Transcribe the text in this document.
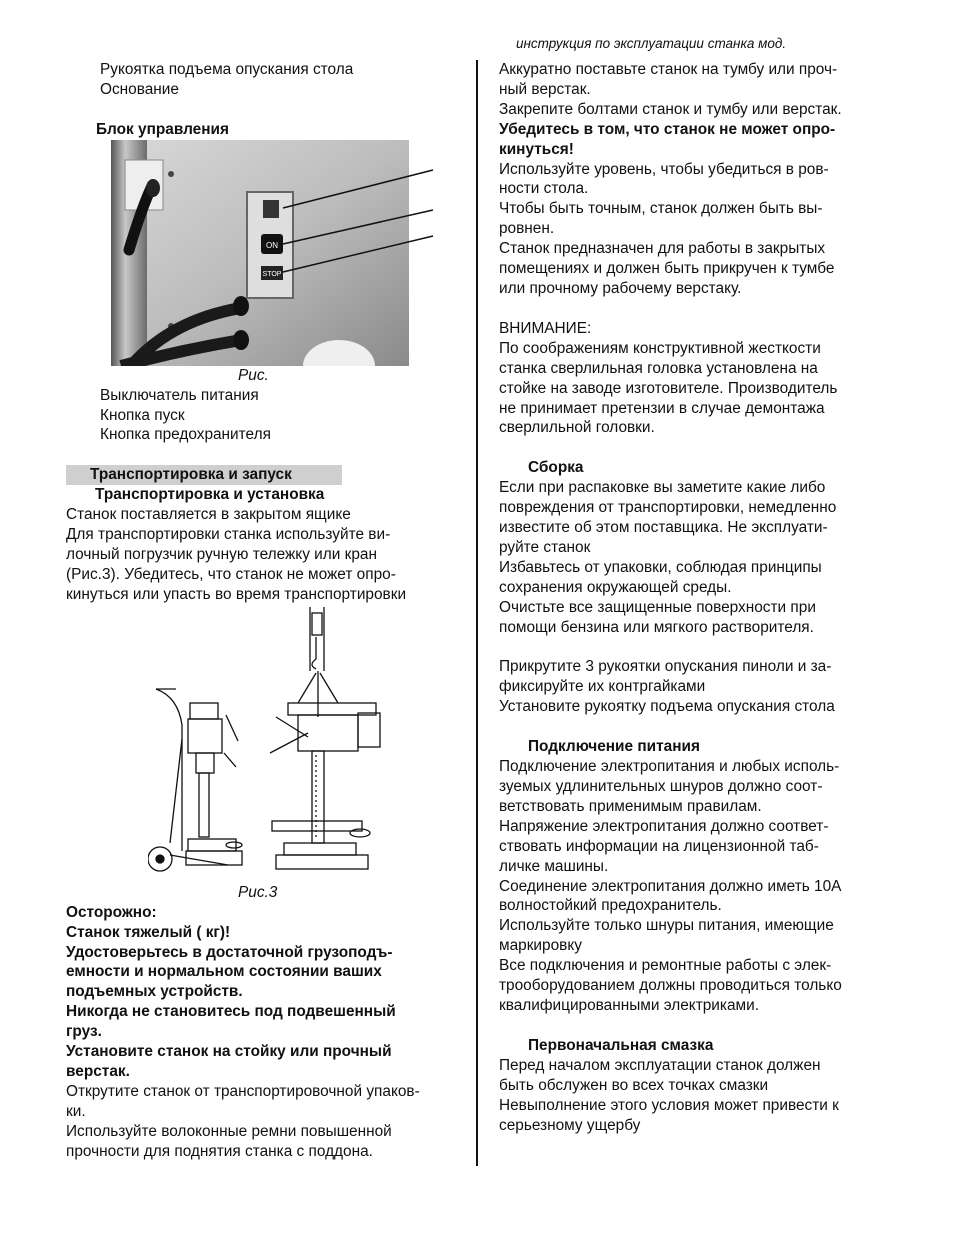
инструкция по эксплуатации станка мод.
Рукоятка подъема опускания стола
Основание
Блок управления
ON
STOP
Рис.
Выключатель питания
Кнопка пуск
Кнопка предохранителя
Транспортировка и запуск
Транспортировка и установка
Станок поставляется в закрытом ящике
Для транспортировки станка используйте ви-
лочный погрузчик ручную тележку или кран
(Рис.3). Убедитесь, что станок не может опро-
кинуться или упасть во время транспортировки
Рис.3
Осторожно:
Станок тяжелый ( кг)!
Удостоверьтесь в достаточной грузоподъ-
емности и нормальном состоянии ваших
подъемных устройств.
Никогда не становитесь под подвешенный
груз.
Установите станок на стойку или прочный
верстак.
Открутите станок от транспортировочной упаков-
ки.
Используйте волоконные ремни повышенной
прочности для поднятия станка с поддона.
Аккуратно поставьте станок на тумбу или проч-
ный верстак.
Закрепите болтами станок и тумбу или верстак.
Убедитесь в том, что станок не может опро-
кинуться!
Используйте уровень, чтобы убедиться в ров-
ности стола.
Чтобы быть точным, станок должен быть вы-
ровнен.
Станок предназначен для работы в закрытых
помещениях и должен быть прикручен к тумбе
или прочному рабочему верстаку.
ВНИМАНИЕ:
По соображениям конструктивной жесткости
станка сверлильная головка установлена на
стойке на заводе изготовителе. Производитель
не принимает претензии в случае демонтажа
сверлильной головки.
Сборка
Если при распаковке вы заметите какие либо
повреждения от транспортировки, немедленно
известите об этом поставщика. Не эксплуати-
руйте станок
Избавьтесь от упаковки, соблюдая принципы
сохранения окружающей среды.
Очистьте все защищенные поверхности при
помощи бензина или мягкого растворителя.
Прикрутите 3 рукоятки опускания пиноли и за-
фиксируйте их контргайками
Установите рукоятку подъема опускания стола
Подключение питания
Подключение электропитания и любых исполь-
зуемых удлинительных шнуров должно соот-
ветствовать применимым правилам.
Напряжение электропитания должно соответ-
ствовать информации на лицензионной таб-
личке машины.
Соединение электропитания должно иметь 10А
волностойкий предохранитель.
Используйте только шнуры питания, имеющие
маркировку
Все подключения и ремонтные работы с элек-
трооборудованием должны проводиться только
квалифицированными электриками.
Первоначальная смазка
Перед началом эксплуатации станок должен
быть обслужен во всех точках смазки
Невыполнение этого условия может привести к
серьезному ущербу
